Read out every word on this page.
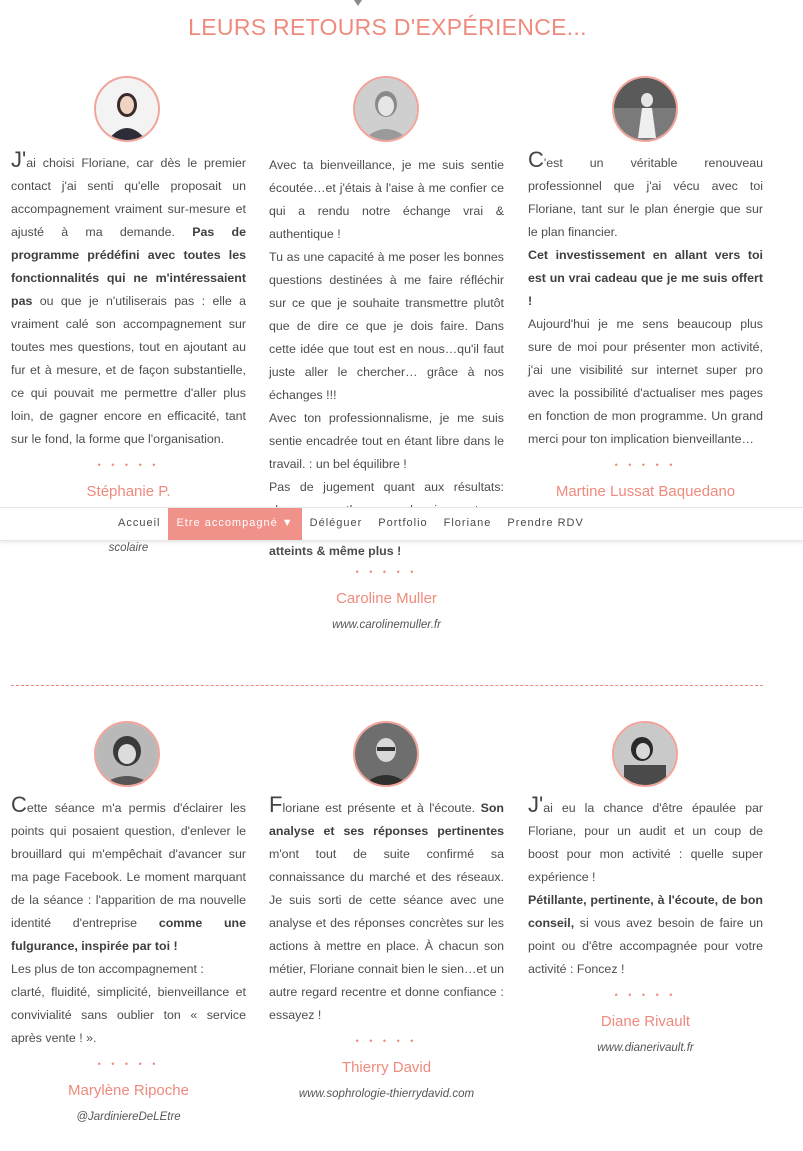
LEURS RETOURS D'EXPÉRIENCE...
J'ai choisi Floriane, car dès le premier contact j'ai senti qu'elle proposait un accompagnement vraiment sur-mesure et ajusté à ma demande. Pas de programme prédéfini avec toutes les fonctionnalités qui ne m'intéressaient pas ou que je n'utiliserais pas : elle a vraiment calé son accompagnement sur toutes mes questions, tout en ajoutant au fur et à mesure, et de façon substantielle, ce qui pouvait me permettre d'aller plus loin, de gagner encore en efficacité, tant sur le fond, la forme que l'organisation.
• • • • •
Stéphanie P.
scolaire

Avec ta bienveillance, je me suis sentie écoutée…et j'étais à l'aise à me confier ce qui a rendu notre échange vrai & authentique !

Tu as une capacité à me poser les bonnes questions destinées à me faire réfléchir sur ce que je souhaite transmettre plutôt que de dire ce que je dois faire. Dans cette idée que tout est en nous…qu'il faut juste aller le chercher… grâce à nos échanges !!!

Avec ton professionnalisme, je me suis sentie encadrée tout en étant libre dans le travail. : un bel équilibre !

Pas de jugement quant aux résultats:

atteints & même plus !

• • • • •
Caroline Muller
www.carolinemuller.fr
C'est un véritable renouveau professionnel que j'ai vécu avec toi Floriane, tant sur le plan énergie que sur le plan financier.
Cet investissement en allant vers toi est un vrai cadeau que je me suis offert !
Aujourd'hui je me sens beaucoup plus sure de moi pour présenter mon activité, j'ai une visibilité sur internet super pro avec la possibilité d'actualiser mes pages en fonction de mon programme. Un grand merci pour ton implication bienveillante…
• • • • •
Martine Lussat Baquedano
Cette séance m'a permis d'éclairer les points qui posaient question, d'enlever le brouillard qui m'empêchait d'avancer sur ma page Facebook. Le moment marquant de la séance : l'apparition de ma nouvelle identité d'entreprise comme une fulgurance, inspirée par toi !
Les plus de ton accompagnement :
clarté, fluidité, simplicité, bienveillance et convivialité sans oublier ton « service après vente ! ».
• • • • •
Marylène Ripoche
@JardiniereDeLEtre
Floriane est présente et à l'écoute. Son analyse et ses réponses pertinentes m'ont tout de suite confirmé sa connaissance du marché et des réseaux. Je suis sorti de cette séance avec une analyse et des réponses concrètes sur les actions à mettre en place. À chacun son métier, Floriane connait bien le sien…et un autre regard recentre et donne confiance : essayez !
• • • • •
Thierry David
www.sophrologie-thierrydavid.com
J'ai eu la chance d'être épaulée par Floriane, pour un audit et un coup de boost pour mon activité : quelle super expérience !
Pétillante, pertinente, à l'écoute, de bon conseil, si vous avez besoin de faire un point ou d'être accompagnée pour votre activité : Foncez !
• • • • •
Diane Rivault
www.dianerivault.fr
Accueil	Etre accompagné ▼	Déléguer	Portfolio	Floriane	Prendre RDV
